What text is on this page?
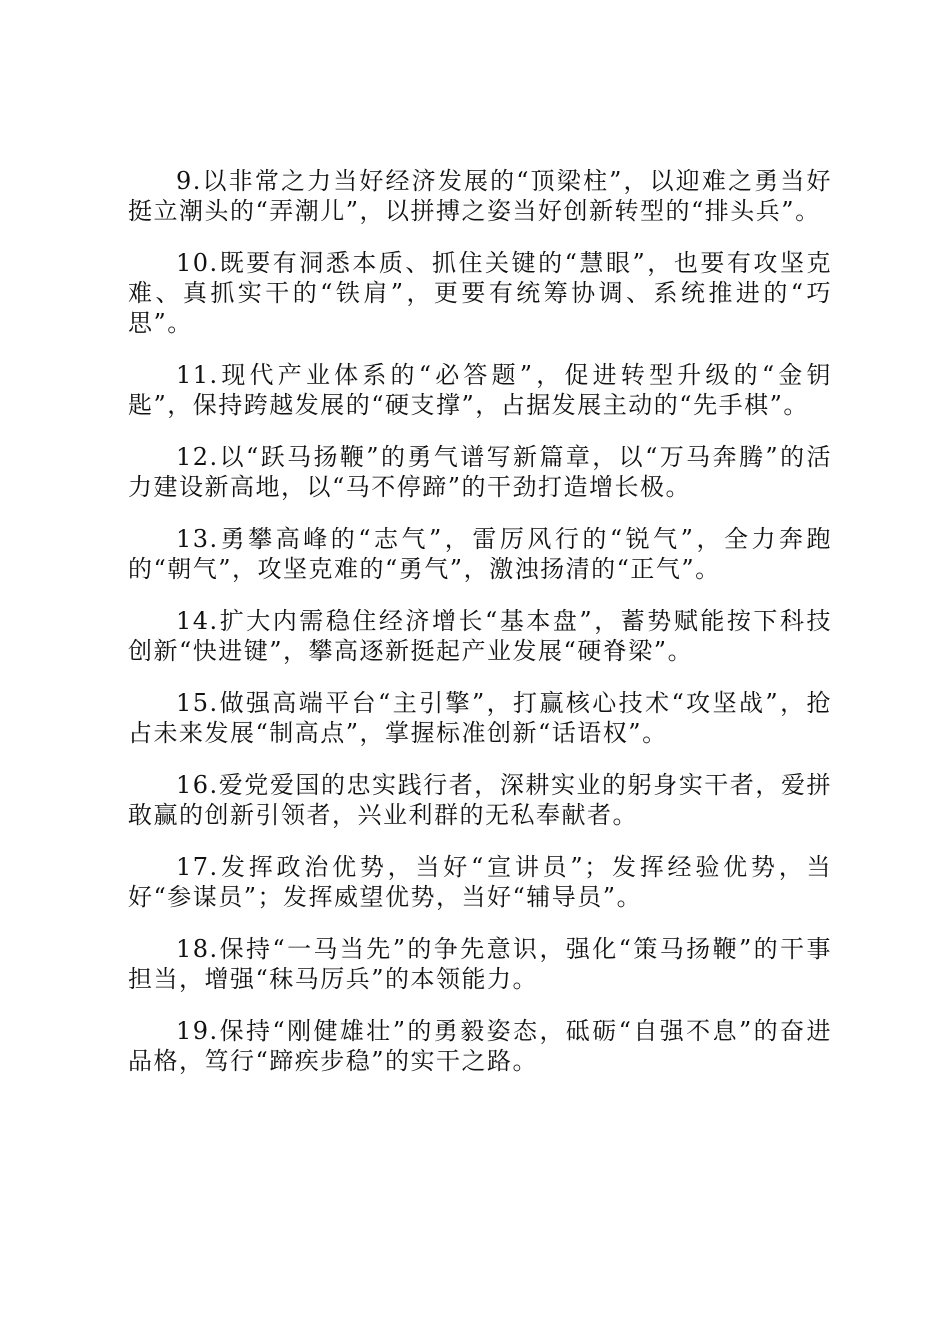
9.以非常之力当好经济发展的“顶梁柱”，以迎难之勇当好挺立潮头的“弄潮儿”，以拼搏之姿当好创新转型的“排头兵”。

10.既要有洞悉本质、抓住关键的“慧眼”，也要有攻坚克难、真抓实干的“铁肩”，更要有统筹协调、系统推进的“巧思”。

11.现代产业体系的“必答题”，促进转型升级的“金钥匙”，保持跨越发展的“硬支撑”，占据发展主动的“先手棋”。

12.以“跃马扬鞭”的勇气谱写新篇章，以“万马奔腾”的活力建设新高地，以“马不停蹄”的干劲打造增长极。

13.勇攀高峰的“志气”，雷厉风行的“锐气”，全力奔跑的“朝气”，攻坚克难的“勇气”，激浊扬清的“正气”。

14.扩大内需稳住经济增长“基本盘”，蓄势赋能按下科技创新“快进键”，攀高逐新挺起产业发展“硬脊梁”。

15.做强高端平台“主引擎”，打赢核心技术“攻坚战”，抢占未来发展“制高点”，掌握标准创新“话语权”。

16.爱党爱国的忠实践行者，深耕实业的躬身实干者，爱拼敢赢的创新引领者，兴业利群的无私奉献者。

17.发挥政治优势，当好“宣讲员”；发挥经验优势，当好“参谋员”；发挥威望优势，当好“辅导员”。

18.保持“一马当先”的争先意识，强化“策马扬鞭”的干事担当，增强“秣马厉兵”的本领能力。

19.保持“刚健雄壮”的勇毅姿态，砥砺“自强不息”的奋进品格，笃行“蹄疾步稳”的实干之路。
